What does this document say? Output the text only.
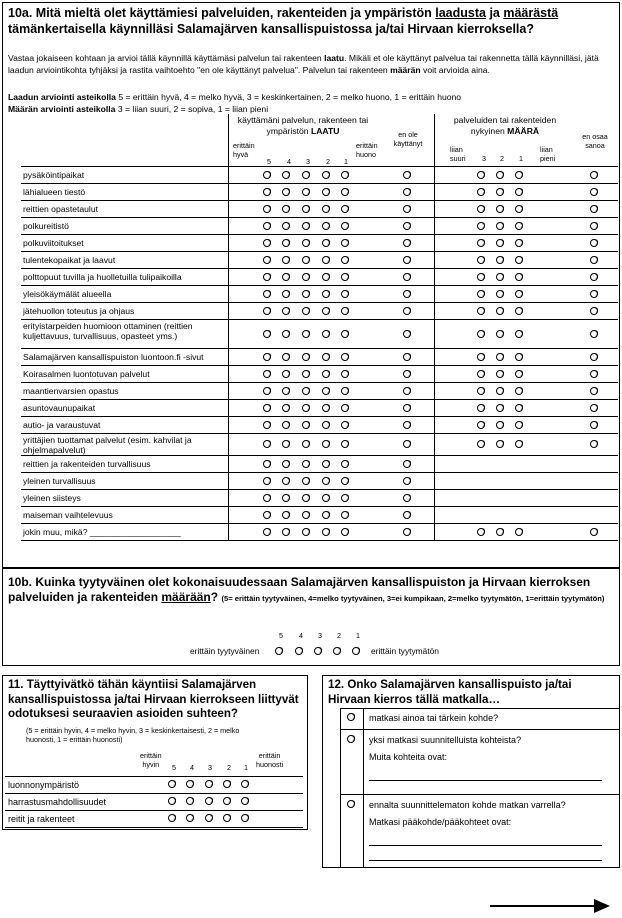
10a. Mitä mieltä olet käyttämiesi palveluiden, rakenteiden ja ympäristön laadusta ja määrästä tämänkertaisella käynnilläsi Salamajärven kansallispuistossa ja/tai Hirvaan kierroksella?
Vastaa jokaiseen kohtaan ja arvioi tällä käynnillä käyttämäsi palvelun tai rakenteen laatu. Mikäli et ole käyttänyt palvelua tai rakennetta tällä käynnilläsi, jätä laadun arviointikohta tyhjäksi ja rastita vaihtoehto "en ole käyttänyt palvelua". Palvelun tai rakenteen määrän voit arvioida aina.
Laadun arviointi asteikolla 5 = erittäin hyvä, 4 = melko hyvä, 3 = keskinkertainen, 2 = melko huono, 1 = erittäin huono
Määrän arviointi asteikolla 3 = liian suuri, 2 = sopiva, 1 = liian pieni
käyttämäni palvelun, rakenteen tai
ympäristön LAATU
erittäin
hyvä
erittäin
huono
5 4 3 2 1
en ole
käyttänyt
palveluiden tai rakenteiden
nykyinen MÄÄRÄ
liian
suuri
liian
pieni
3 2 1
en osaa
sanoa
pysäköintipaikat
lähialueen tiestö
reittien opastetaulut
polkureitistö
polkuviitoitukset
tulentekopaikat ja laavut
polttopuut tuvilla ja huolletuilla tulipaikoilla
yleisökäymälät alueella
jätehuollon toteutus ja ohjaus
erityistarpeiden huomioon ottaminen (reittien kuljettavuus, turvallisuus, opasteet yms.)
Salamajärven kansallispuiston luontoon.fi -sivut
Koirasalmen luontotuvan palvelut
maantienvarsien opastus
asuntovaunupaikat
autio- ja varaustuvat
yrittäjien tuottamat palvelut (esim. kahvilat ja ohjelmapalvelut)
reittien ja rakenteiden turvallisuus
yleinen turvallisuus
yleinen siisteys
maiseman vaihtelevuus
jokin muu, mikä? ___________________
10b. Kuinka tyytyväinen olet kokonaisuudessaan Salamajärven kansallispuiston ja Hirvaan kierroksen palveluiden ja rakenteiden määrään? (5= erittäin tyytyväinen, 4=melko tyytyväinen, 3=ei kumpikaan, 2=melko tyytymätön, 1=erittäin tyytymätön)
5 4 3 2 1
erittäin tyytyväinen	erittäin tyytymätön
11. Täyttyivätkö tähän käyntiisi Salamajärven kansallispuistossa ja/tai Hirvaan kierrokseen liittyvät odotuksesi seuraavien asioiden suhteen?
(5 = erittäin hyvin, 4 = melko hyvin, 3 = keskinkertaisesti, 2 = melko huonosti, 1 = erittäin huonosti)
erittäin
hyvin
erittäin
huonosti
5 4 3 2 1
luonnonympäristö
harrastusmahdollisuudet
reitit ja rakenteet
12. Onko Salamajärven kansallispuisto ja/tai Hirvaan kierros tällä matkalla…
matkasi ainoa tai tärkein kohde?
yksi matkasi suunnitelluista kohteista?
Muita kohteita ovat:
ennalta suunnittelematon kohde matkan varrella?
Matkasi pääkohde/pääkohteet ovat:
